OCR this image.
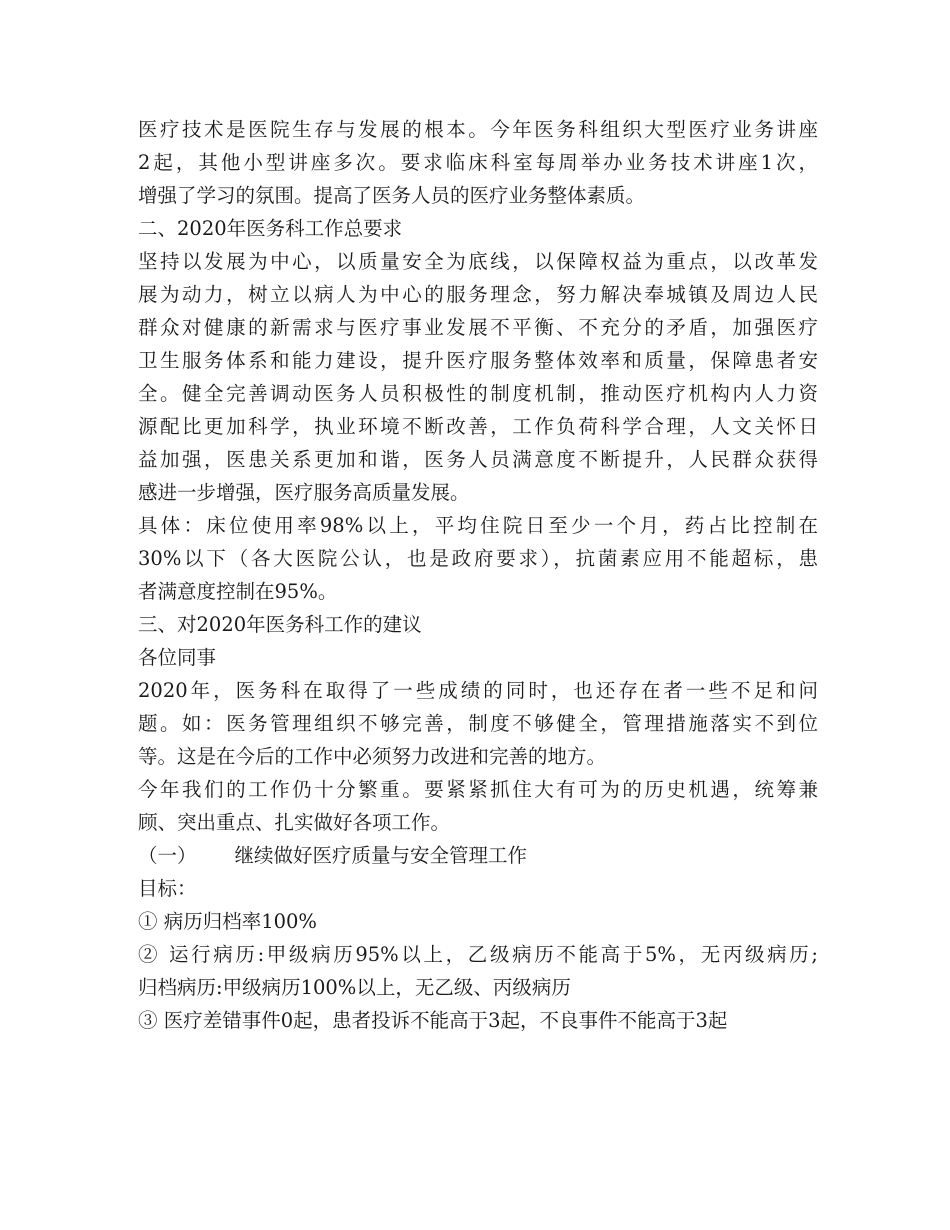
医疗技术是医院生存与发展的根本。今年医务科组织大型医疗业务讲座
2起，其他小型讲座多次。要求临床科室每周举办业务技术讲座1次，
增强了学习的氛围。提高了医务人员的医疗业务整体素质。
二、2020年医务科工作总要求
坚持以发展为中心，以质量安全为底线，以保障权益为重点，以改革发
展为动力，树立以病人为中心的服务理念，努力解决奉城镇及周边人民
群众对健康的新需求与医疗事业发展不平衡、不充分的矛盾，加强医疗
卫生服务体系和能力建设，提升医疗服务整体效率和质量，保障患者安
全。健全完善调动医务人员积极性的制度机制，推动医疗机构内人力资
源配比更加科学，执业环境不断改善，工作负荷科学合理，人文关怀日
益加强，医患关系更加和谐，医务人员满意度不断提升，人民群众获得
感进一步增强，医疗服务高质量发展。
具体：床位使用率98%以上，平均住院日至少一个月，药占比控制在
30%以下（各大医院公认，也是政府要求），抗菌素应用不能超标，患
者满意度控制在95%。
三、对2020年医务科工作的建议
各位同事
2020年，医务科在取得了一些成绩的同时，也还存在者一些不足和问
题。如：医务管理组织不够完善，制度不够健全，管理措施落实不到位
等。这是在今后的工作中必须努力改进和完善的地方。
今年我们的工作仍十分繁重。要紧紧抓住大有可为的历史机遇，统筹兼
顾、突出重点、扎实做好各项工作。
（一） 继续做好医疗质量与安全管理工作
目标：
① 病历归档率100%
② 运行病历:甲级病历95%以上，乙级病历不能高于5%，无丙级病历;
归档病历:甲级病历100%以上，无乙级、丙级病历
③ 医疗差错事件0起，患者投诉不能高于3起，不良事件不能高于3起
